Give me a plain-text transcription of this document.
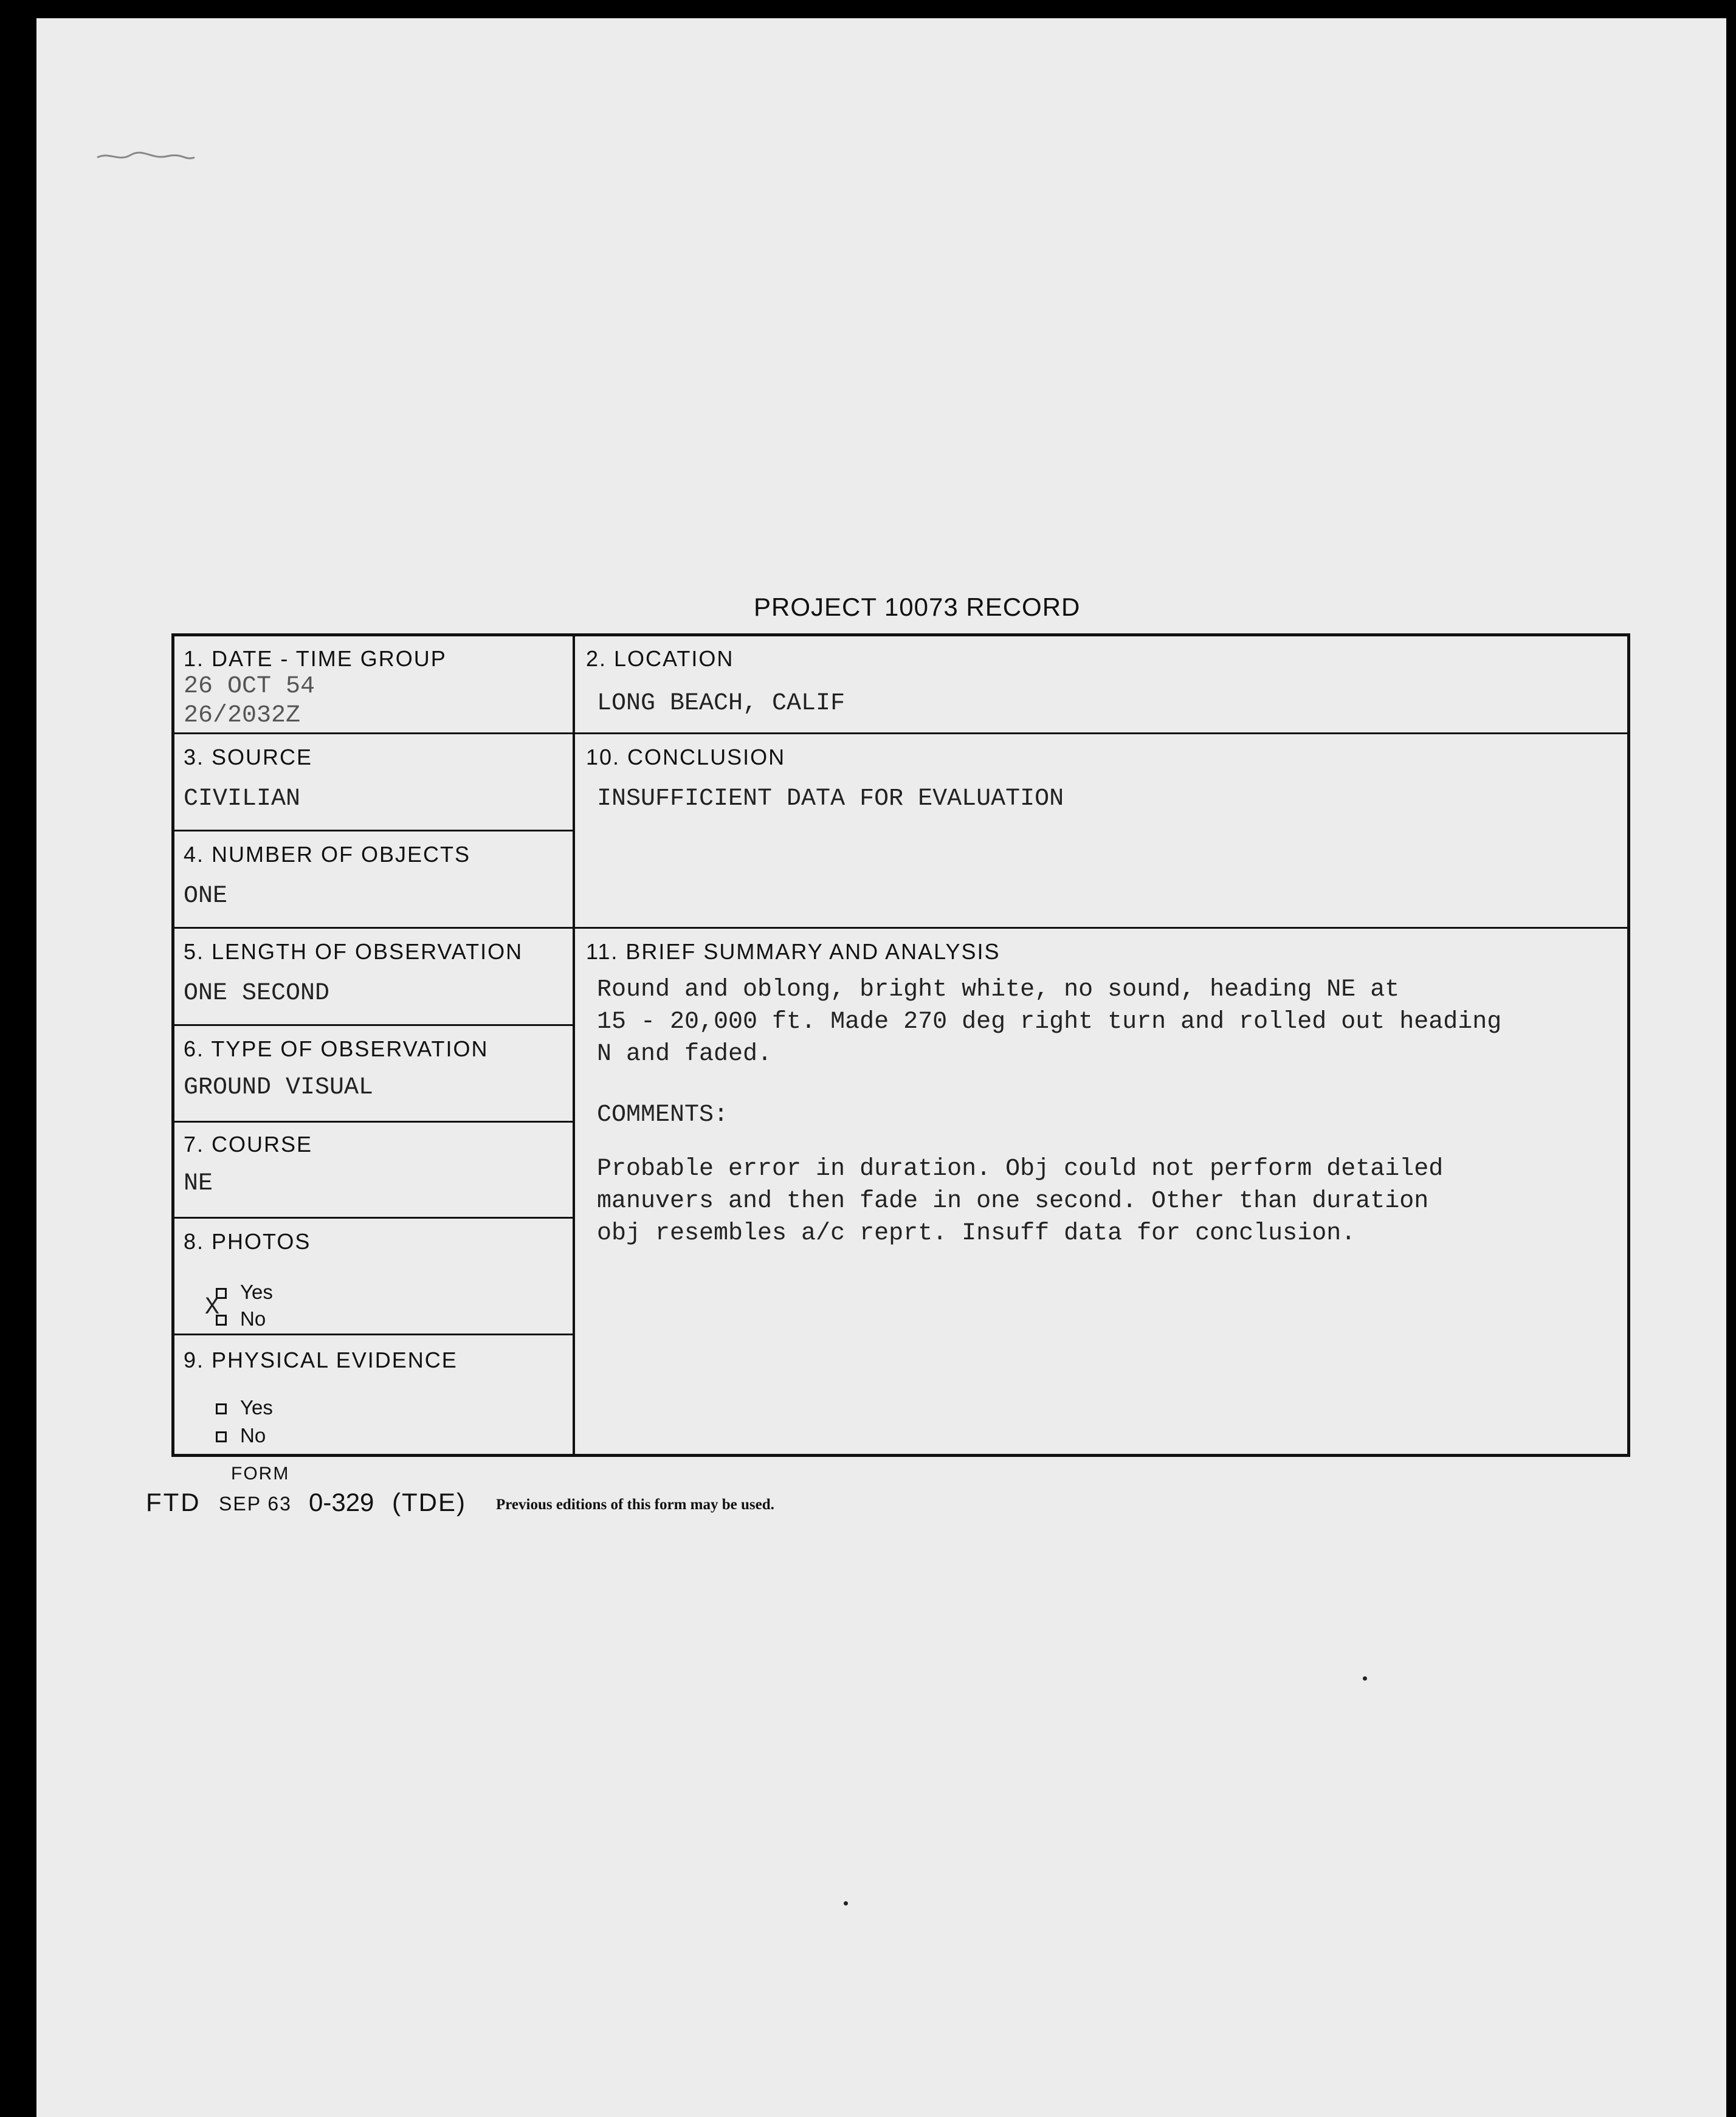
PROJECT 10073 RECORD
1. DATE - TIME GROUP
26 OCT 54
26/2032Z
2. LOCATION
LONG BEACH, CALIF
3. SOURCE
CIVILIAN
10. CONCLUSION
INSUFFICIENT DATA FOR EVALUATION
4. NUMBER OF OBJECTS
ONE
5. LENGTH OF OBSERVATION
ONE SECOND
11. BRIEF SUMMARY AND ANALYSIS
Round and oblong, bright white, no sound, heading NE at
15 - 20,000 ft. Made 270 deg right turn and rolled out heading
N and faded.
COMMENTS:
Probable error in duration. Obj could not perform detailed
manuvers and then fade in one second. Other than duration
obj resembles a/c reprt. Insuff data for conclusion.
6. TYPE OF OBSERVATION
GROUND VISUAL
7. COURSE
NE
8. PHOTOS
Yes
No
X
9. PHYSICAL EVIDENCE
Yes
No
FORM
FTD SEP 63 0-329 (TDE) Previous editions of this form may be used.
